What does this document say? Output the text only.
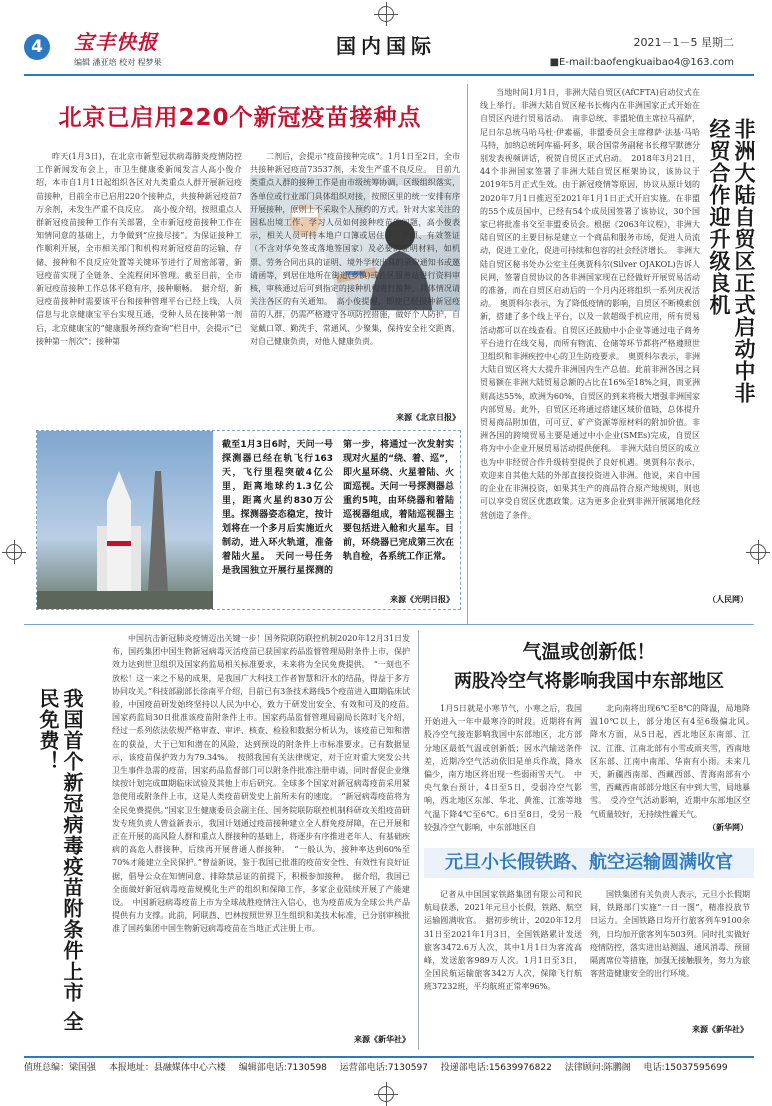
4	宝丰快报
编辑 潘亚培 校对 程梦果
国内国际	2021－1－5 星期二
■E-mail:baofengkuaibao4@163.com
北京已启用220个新冠疫苗接种点

昨天(1月3日)，在北京市新型冠状病毒肺炎疫情防控工作新闻发布会上，市卫生健康委新闻发言人高小俊介绍，本市自1月1日起组织各区对九类重点人群开展新冠疫苗接种，目前全市已启用220个接种点，共接种新冠疫苗7万余剂，未发生严重不良反应。　高小俊介绍，按照重点人群新冠疫苗接种工作有关部署，全市新冠疫苗接种工作在知情同意的基础上，力争做到“应接尽接”。为保证接种工作顺利开展，全市相关部门和机构对新冠疫苗的运输、存储、接种和不良反应处置等关键环节进行了周密部署，新冠疫苗实现了全链条、全流程闭环管理。截至目前，全市新冠疫苗接种工作总体平稳有序，接种顺畅。　据介绍，新冠疫苗接种时需要该平台和接种管理平台已经上线，人员信息与北京健康宝平台实现互通，受种人员在接种第一剂后，北京健康宝的“健康服务预约查询”栏目中，会提示“已接种第一剂次”；接种第

二剂后，会提示“疫苗接种完成”。1月1日至2日，全市共接种新冠疫苗73537剂，未发生严重不良反应。　目前九类重点人群的接种工作是由市级统筹协调，区级组织落实，各单位或行业部门具体组织对接，按照区里的统一安排有序开展接种，原则上不采取个人预约的方式。针对大家关注的因私出境工作、学习人员如何接种疫苗的问题，高小俊表示，相关人员可持本地户口簿或居住证、护照、有效签证（不含对华免签或落地签国家）及必要的证明材料，如机票、劳务合同出具的证明、境外学校出具的录取通知书或邀请函等，到居住地所在街道(乡镇)或社区服务站进行资料审核，审核通过后可到指定的接种机构进行接种，具体情况请关注各区的有关通知。　高小俊提醒，即使已经接种新冠疫苗的人群，仍需严格遵守各项防控措施，做好个人防护，自觉戴口罩、勤洗手、常通风、少聚集，保持安全社交距离，对自己健康负责，对他人健康负责。

来源《北京日报》
截至1月3日6时，天问一号探测器已经在轨飞行163天，飞行里程突破4亿公里，距离地球约1.3亿公里，距离火星约830万公里。探测器姿态稳定，按计划将在一个多月后实施近火制动，进入环火轨道，准备着陆火星。　天问一号任务是我国独立开展行星探测的第一步，将通过一次发射实现对火星的“绕、着、巡”，即火星环绕、火星着陆、火面巡视。天问一号探测器总重约5吨，由环绕器和着陆巡视器组成，着陆巡视器主要包括进入舱和火星车。目前，环绕器已完成第三次在轨自检，各系统工作正常。
来源《光明日报》
非洲大陆自贸区正式启动中非经贸合作迎升级良机

当地时间1月1日，非洲大陆自贸区(AfCFTA)启动仪式在线上举行。非洲大陆自贸区秘书长梅内在非洲国家正式开始在自贸区内进行贸易活动。　南非总统、非盟轮值主席拉马福萨，尼日尔总统马哈马杜·伊素福，非盟委员会主席穆萨·法基·马哈马特，加纳总统阿库福-阿多，联合国常务副秘书长穆罕默德分别发表视频讲话，祝贺自贸区正式启动。　2018年3月21日，44个非洲国家签署了非洲大陆自贸区框架协议，该协议于2019年5月正式生效。由于新冠疫情等原因，协议从原计划的2020年7月1日推迟至2021年1月1日正式开启实施。在非盟的55个成员国中，已经有54个成员国签署了该协议，30个国家已将批准书交至非盟委员会。根据《2063年议程》，非洲大陆自贸区的主要目标是建立一个商品和服务市场，促进人员流动，促进工业化，促进可持续和包容的社会经济增长。　非洲大陆自贸区秘书处办公室主任奥贾科尔(Silver OJAKOL)告诉人民网，签署自贸协议的各非洲国家现在已经做好开展贸易活动的准备，而在自贸区启动后的一个月内还将组织一系列庆祝活动。　奥贾科尔表示，为了降低疫情的影响，自贸区不断模索创新，搭建了多个线上平台，以及一款超级手机应用，所有贸易活动都可以在线查看。自贸区还鼓励中小企业等通过电子商务平台进行在线交易，而所有物流、仓储等环节都将严格遵照世卫组织和非洲疾控中心的卫生防疫要求。　奥贾科尔表示，非洲大陆自贸区将大大提升非洲国内生产总值。此前非洲各国之间贸易额在非洲大陆贸易总额的占比在16%至18%之间，而亚洲则高达55%，欧洲为60%，自贸区的到来将极大增强非洲国家内部贸易。此外，自贸区还将通过搭建区域价值链，总体提升贸易商品附加值，可可豆、矿产资源等原材料的附加价值。非洲各国的跨境贸易主要是通过中小企业(SMEs)完成，自贸区将为中小企业开展贸易活动提供便利。　非洲大陆自贸区的成立也为中非经贸合作升级转型提供了良好机遇。奥贾科尔表示，欢迎来自其他大陆的外部直接投资进入非洲。他说，来自中国的企业在非洲投资，如果其生产的商品符合原产地规则，则也可以享受自贸区优惠政策。这为更多企业到非洲开展属地化经营创造了条件。

（人民网）
我国首个新冠病毒疫苗附条件上市 全民免费！

中国抗击新冠肺炎疫情迈出关键一步！国务院联防联控机制2020年12月31日发布，国药集团中国生物新冠病毒灭活疫苗已获国家药品监督管理局附条件上市，保护效力达到世卫组织及国家药监局相关标准要求，未来将为全民免费提供。　“一刻也不放松！这一来之不易的成果，是我国广大科技工作者智慧和汗水的结晶，得益于多方协同攻关。”科技部副部长徐南平介绍，目前已有3条技术路线5个疫苗进入Ⅲ期临床试验，中国疫苗研发始终坚持以人民为中心，致力于研发出安全、有效和可及的疫苗。　国家药监局30日批准该疫苗附条件上市。国家药品监督管理局副局长陈时飞介绍，经过一系列依法依规严格审查、审评、核查、检验和数据分析认为，该疫苗已知和潜在的获益，大于已知和潜在的风险，达到预设的附条件上市标准要求。已有数据显示，该疫苗保护效力为79.34%。　按照我国有关法律规定，对于应对重大突发公共卫生事件急需的疫苗，国家药品监督部门可以附条件批准注册申请，同时督促企业继续按计划完成Ⅲ期临床试验及其他上市后研究。全球多个国家对新冠病毒疫苗采用紧急使用或附条件上市，这是人类疫苗研发史上前所未有的速度。　“新冠病毒疫苗将为全民免费提供。”国家卫生健康委员会副主任、国务院联防联控机制科研攻关组疫苗研发专班负责人曾益新表示，我国计划通过疫苗接种建立全人群免疫屏障，在已开展和正在开展的高风险人群和重点人群接种的基础上，将逐步有序推进老年人、有基础疾病的高危人群接种，后续再开展普通人群接种。　“一般认为，接种率达到60%至70%才能建立全民保护。”曾益新说，鉴于我国已批准的疫苗安全性、有效性有良好证据，倡导公众在知情同意、排除禁忌证的前提下，积极参加接种。　据介绍，我国已全面做好新冠病毒疫苗规模化生产的组织和保障工作，多家企业陆续开展了产能建设。　中国新冠病毒疫苗上市为全球战胜疫情注入信心，也为疫苗成为全球公共产品提供有力支撑。此前，阿联酋、巴林按照世界卫生组织和美技术标准，已分别审核批准了国药集团中国生物新冠病毒疫苗在当地正式注册上市。

来源《新华社》
气温或创新低！
两股冷空气将影响我国中东部地区

1月5日就是小寒节气，小寒之后，我国开始进入一年中最寒冷的时段。近期将有两股冷空气接连影响我国中东部地区，北方部分地区最低气温或创新低；因水汽输送条件差，近期冷空气活动依旧是单兵作战，降水偏少，南方地区将出现一些弱雨雪天气。　中央气象台预计，4日至5日，受弱冷空气影响，西北地区东部、华北、黄淮、江淮等地气温下降4℃至6℃。6日至8日，受另一股较强冷空气影响，中东部地区自

北向南将出现6℃至8℃的降温，局地降温10℃以上，部分地区有4至6级偏北风。　降水方面，从5日起，西北地区东南部、江汉、江淮、江南北部有小雪或雨夹雪，西南地区东部、江南中南部、华南有小雨。未来几天，新疆西南部、西藏西部、青海南部有小雪，西藏西南部部分地区有中到大雪，局地暴雪。　受冷空气活动影响，近期中东部地区空气质量较好，无持续性霾天气。

（新华网）
元旦小长假铁路、航空运输圆满收官

记者从中国国家铁路集团有限公司和民航局获悉，2021年元旦小长假，铁路、航空运输圆满收官。　据初步统计，2020年12月31日至2021年1月3日，全国铁路累计发送旅客3472.6万人次，其中1月1日为客流高峰，发送旅客989万人次。1月1日至3日，全国民航运输旅客342万人次，保障飞行航班37232班，平均航班正常率96%。

国铁集团有关负责人表示，元旦小长假期间，铁路部门实施“一日一图”，精准投放节日运力。全国铁路日均开行旅客列车9100余列，日均加开旅客列车503列。同时扎实做好疫情防控，落实进出站测温、通风消毒、预留隔离席位等措施，加强无接触服务，努力为旅客营造健康安全的出行环境。

来源《新华社》
值班总编：梁国强 本报地址：县融媒体中心六楼 编辑部电话:7130598 运营部电话:7130597 投递部电话:15639976822 法律顾问:陈鹏阁 电话:15037595699
